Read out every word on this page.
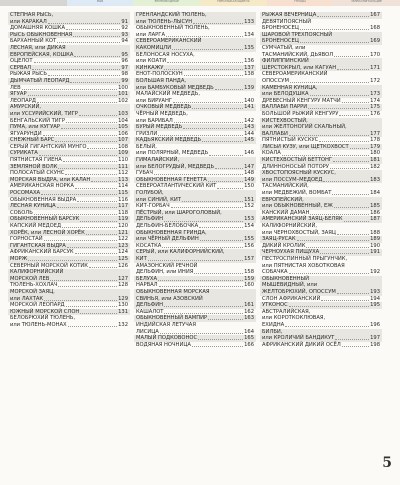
РЫБ	ЗЕМНОВОДНЫЕ	ПРЕСМЫКАЮЩИЕСЯ	ПТИЦЫ	МЛЕКОПИТАЮЩИЕ
СТЕПНАЯ РЫСЬ,
или КАРАКАЛ	91
ДОМАШНЯЯ КОШКА	92
РЫСЬ ОБЫКНОВЕННАЯ	93
БАРХАННЫЙ КОТ	94
ЛЕСНАЯ, или ДИКАЯ
ЕВРОПЕЙСКАЯ, КОШКА	95
ОЦЕЛОТ	96
СЕРВАЛ	97
РЫЖАЯ РЫСЬ	98
ДЫМЧАТЫЙ ЛЕОПАРД	99
ЛЕВ	100
ЯГУАР	101
ЛЕОПАРД	102
АМУРСКИЙ,
или УССУРИЙСКИЙ, ТИГР	103
БЕНГАЛЬСКИЙ ТИГР	104
ПУМА, или КУГУАР	105
ЯГУАРУНДИ	106
СНЕЖНЫЙ БАРС	107
СЕРЫЙ ГИГАНТСКИЙ МУНГО	108
СУРИКАТА	109
ПЯТНИСТАЯ ГИЕНА	110
ЗЕМЛЯНОЙ ВОЛК	111
ПОЛОСАТЫЙ СКУНС	112
МОРСКАЯ ВЫДРА, или КАЛАН	113
АМЕРИКАНСКАЯ НОРКА	114
РОСОМАХА	115
ОБЫКНОВЕННАЯ ВЫДРА	116
ЛЕСНАЯ КУНИЦА	117
СОБОЛЬ	118
ОБЫКНОВЕННЫЙ БАРСУК	119
КАПСКИЙ МЕДОЕД	120
ХОРЁК, или ЛЕСНОЙ ХОРЁК	121
ГОРНОСТАЙ	122
ГИГАНТСКАЯ ВЫДРА	123
АФРИКАНСКИЙ БАРСУК	124
МОРЖ	125
СЕВЕРНЫЙ МОРСКОЙ КОТИК	126
КАЛИФОРНИЙСКИЙ
МОРСКОЙ ЛЕВ	127
ТЮЛЕНЬ-ХОХЛАЧ	128
МОРСКОЙ ЗАЯЦ,
или ЛАХТАК	129
МОРСКОЙ ЛЕОПАРД	130
ЮЖНЫЙ МОРСКОЙ СЛОН	131
БЕЛОБРЮХИЙ ТЮЛЕНЬ,
или ТЮЛЕНЬ-МОНАХ	132
ГРЕНЛАНДСКИЙ ТЮЛЕНЬ,
или ТЮЛЕНЬ-ЛЫСУН	133
ОБЫКНОВЕННЫЙ ТЮЛЕНЬ,
или ЛАРГА	134
СЕВЕРОАМЕРИКАНСКИЙ
КАКОМИЦЛИ	135
БЕЛОНОСАЯ НОСУХА,
или КОАТИ	136
КИНКАЖУ	137
ЕНОТ-ПОЛОСКУН	138
БОЛЬШАЯ ПАНДА,
или БАМБУКОВЫЙ МЕДВЕДЬ	139
МАЛАЙСКИЙ МЕДВЕДЬ,
или БИРУАНГ	140
ОЧКОВЫЙ МЕДВЕДЬ	141
ЧЁРНЫЙ МЕДВЕДЬ,
или БАРИБАЛ	142
БУРЫЙ МЕДВЕДЬ	143
ГРИЗЛИ	144
КАДЬЯКСКИЙ МЕДВЕДЬ	145
БЕЛЫЙ,
или ПОЛЯРНЫЙ, МЕДВЕДЬ	146
ГИМАЛАЙСКИЙ,
или БЕЛОГРУДЫЙ, МЕДВЕДЬ	147
ГУБАЧ	148
ОБЫКНОВЕННАЯ ГЕНЕТТА	149
СЕВЕРОАТЛАНТИЧЕСКИЙ КИТ	150
ГОЛУБОЙ,
или СИНИЙ, КИТ	151
КИТ-ГОРБАЧ	152
ПЁСТРЫЙ, или ШАРОГОЛОВЫЙ,
ДЕЛЬФИН	153
ДЕЛЬФИН-БЕЛОБОЧКА	154
ОБЫКНОВЕННАЯ ГРИНДА,
или ЧЁРНЫЙ ДЕЛЬФИН	155
КОСАТКА	156
СЕРЫЙ, или КАЛИФОРНИЙСКИЙ,
КИТ	157
АМАЗОНСКИЙ РЕЧНОЙ
ДЕЛЬФИН, или ИНИЯ	158
БЕЛУХА	159
НАРВАЛ	160
ОБЫКНОВЕННАЯ МОРСКАЯ
СВИНЬЯ, или АЗОВСКИЙ
ДЕЛЬФИН	161
КАШАЛОТ	162
ОБЫКНОВЕННЫЙ ВАМПИР	163
ИНДИЙСКАЯ ЛЕТУЧАЯ
ЛИСИЦА	164
МАЛЫЙ ПОДКОВОНОС	165
ВОДЯНАЯ НОЧНИЦА	166
РЫЖАЯ ВЕЧЕРНИЦА	167
ДЕВЯТИПОЯСНЫЙ
БРОНЕНОСЕЦ	168
ШАРОВОЙ ТРЕХПОЯСНЫЙ
БРОНЕНОСЕЦ	169
СУМЧАТЫЙ, или
ТАСМАНИЙСКИЙ, ДЬЯВОЛ	170
ФИЛИППИНСКИЙ
ШЕРСТОКРЫЛ, или КАГУАН	171
СЕВЕРОАМЕРИКАНСКИЙ
ОПОССУМ	172
КАМЕННАЯ КУНИЦА,
или БЕЛОДУШКА	173
ДРЕВЕСНЫЙ КЕНГУРУ МАТЧИ	174
ВАЛЛАБИ ПАРРИ	175
БОЛЬШОЙ РЫЖИЙ КЕНГУРУ	176
КИСТЕХВОСТЫЙ,
или ЖЕЛТОНОГИЙ СКАЛЬНЫЙ,
ВАЛЛАБИ	177
ПЯТНИСТЫЙ КУСКУС	178
ЛИСЬИ КУЗУ, или ЩЕТКОХВОСТ	179
КОАЛА	180
КИСТЕХВОСТЫЙ БЕТТОНГ	181
ДЛИННОНОСЫЙ ПОТОРУ	182
ХВОСТОПОЯСНЫЙ КУСКУС,
или ПОССУМ–МЕДОЕД	183
ТАСМАНИЙСКИЙ,
или МЕДВЕЖИЙ, ВОМБАТ	184
ЕВРОПЕЙСКИЙ,
или ОБЫКНОВЕННЫЙ, ЕЖ	185
КАНСКИЙ ДАМАН	186
АМЕРИКАНСКИЙ ЗАЯЦ-БЕЛЯК	187
КАЛИФОРНИЙСКИЙ,
или ЧЕРНОХВОСТЫЙ, ЗАЯЦ	188
ЗАЯЦ-РУСАК	189
ДИКИЙ КРОЛИК	190
ЧЕРНОУХАЯ ПИЩУХА	191
ПЕСТРОСПИННЫЙ ПРЫГУНЧИК,
или ПЯТНИСТАЯ ХОБОТКОВАЯ
СОБАЧКА	192
ОБЫКНОВЕННЫЙ
МЫШЕВИДНЫЙ, или
ЖЕЛТОБРЮХИЙ, ОПОССУМ	193
СЛОН АФРИКАНСКИЙ	194
УТКОНОС	195
АВСТРАЛИЙСКАЯ,
или КОРОТКОКЛЮВАЯ,
ЕХИДНА	196
БИЛБИ,
или КРОЛИЧИЙ БАНДИКУТ	197
АФРИКАНСКИЙ ДИКИЙ ОСЁЛ	198
5
